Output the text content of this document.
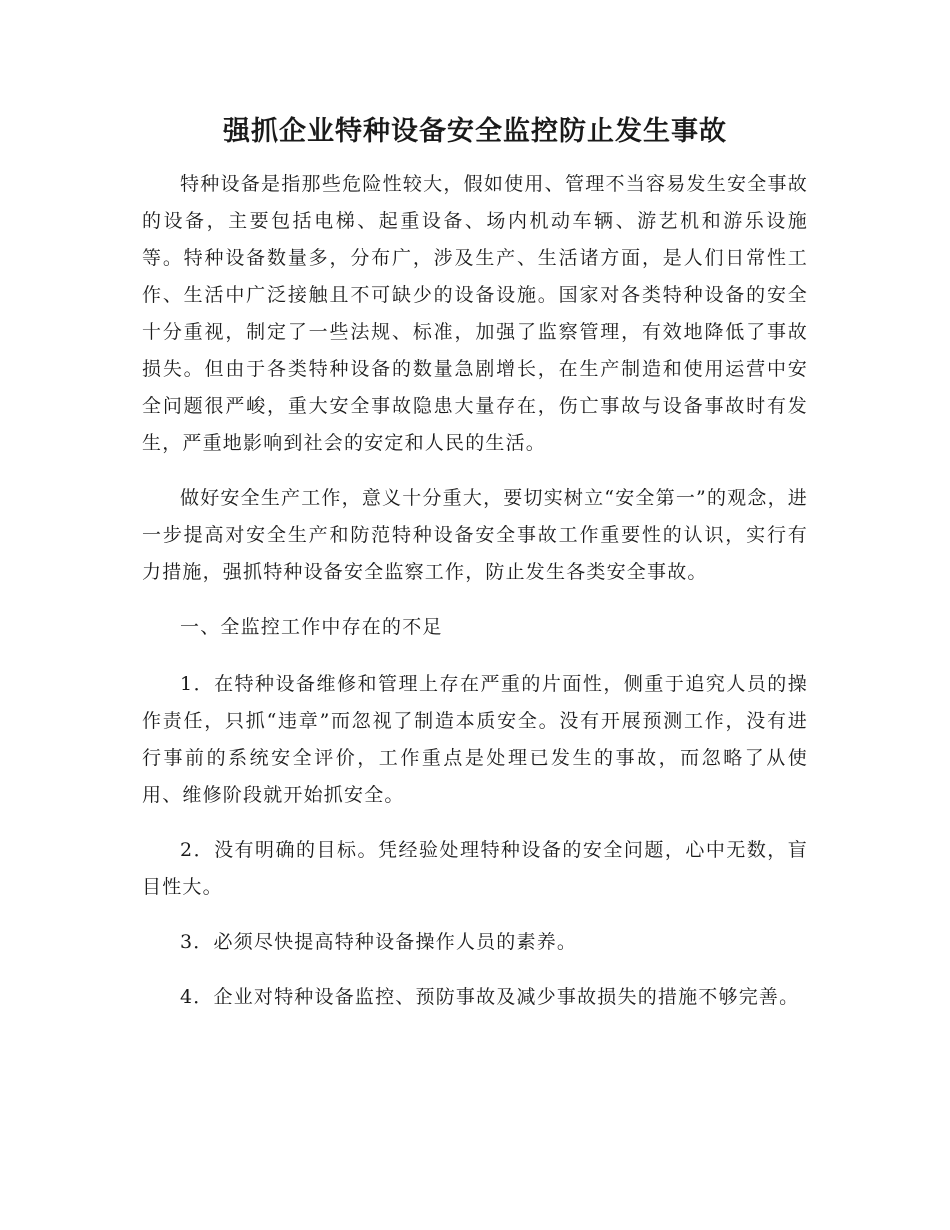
强抓企业特种设备安全监控防止发生事故

特种设备是指那些危险性较大，假如使用、管理不当容易发生安全事故的设备，主要包括电梯、起重设备、场内机动车辆、游艺机和游乐设施等。特种设备数量多，分布广，涉及生产、生活诸方面，是人们日常性工作、生活中广泛接触且不可缺少的设备设施。国家对各类特种设备的安全十分重视，制定了一些法规、标准，加强了监察管理，有效地降低了事故损失。但由于各类特种设备的数量急剧增长，在生产制造和使用运营中安全问题很严峻，重大安全事故隐患大量存在，伤亡事故与设备事故时有发生，严重地影响到社会的安定和人民的生活。

做好安全生产工作，意义十分重大，要切实树立“安全第一”的观念，进一步提高对安全生产和防范特种设备安全事故工作重要性的认识，实行有力措施，强抓特种设备安全监察工作，防止发生各类安全事故。

一、全监控工作中存在的不足

1．在特种设备维修和管理上存在严重的片面性，侧重于追究人员的操作责任，只抓“违章”而忽视了制造本质安全。没有开展预测工作，没有进行事前的系统安全评价，工作重点是处理已发生的事故，而忽略了从使用、维修阶段就开始抓安全。

2．没有明确的目标。凭经验处理特种设备的安全问题，心中无数，盲目性大。

3．必须尽快提高特种设备操作人员的素养。

4．企业对特种设备监控、预防事故及减少事故损失的措施不够完善。
